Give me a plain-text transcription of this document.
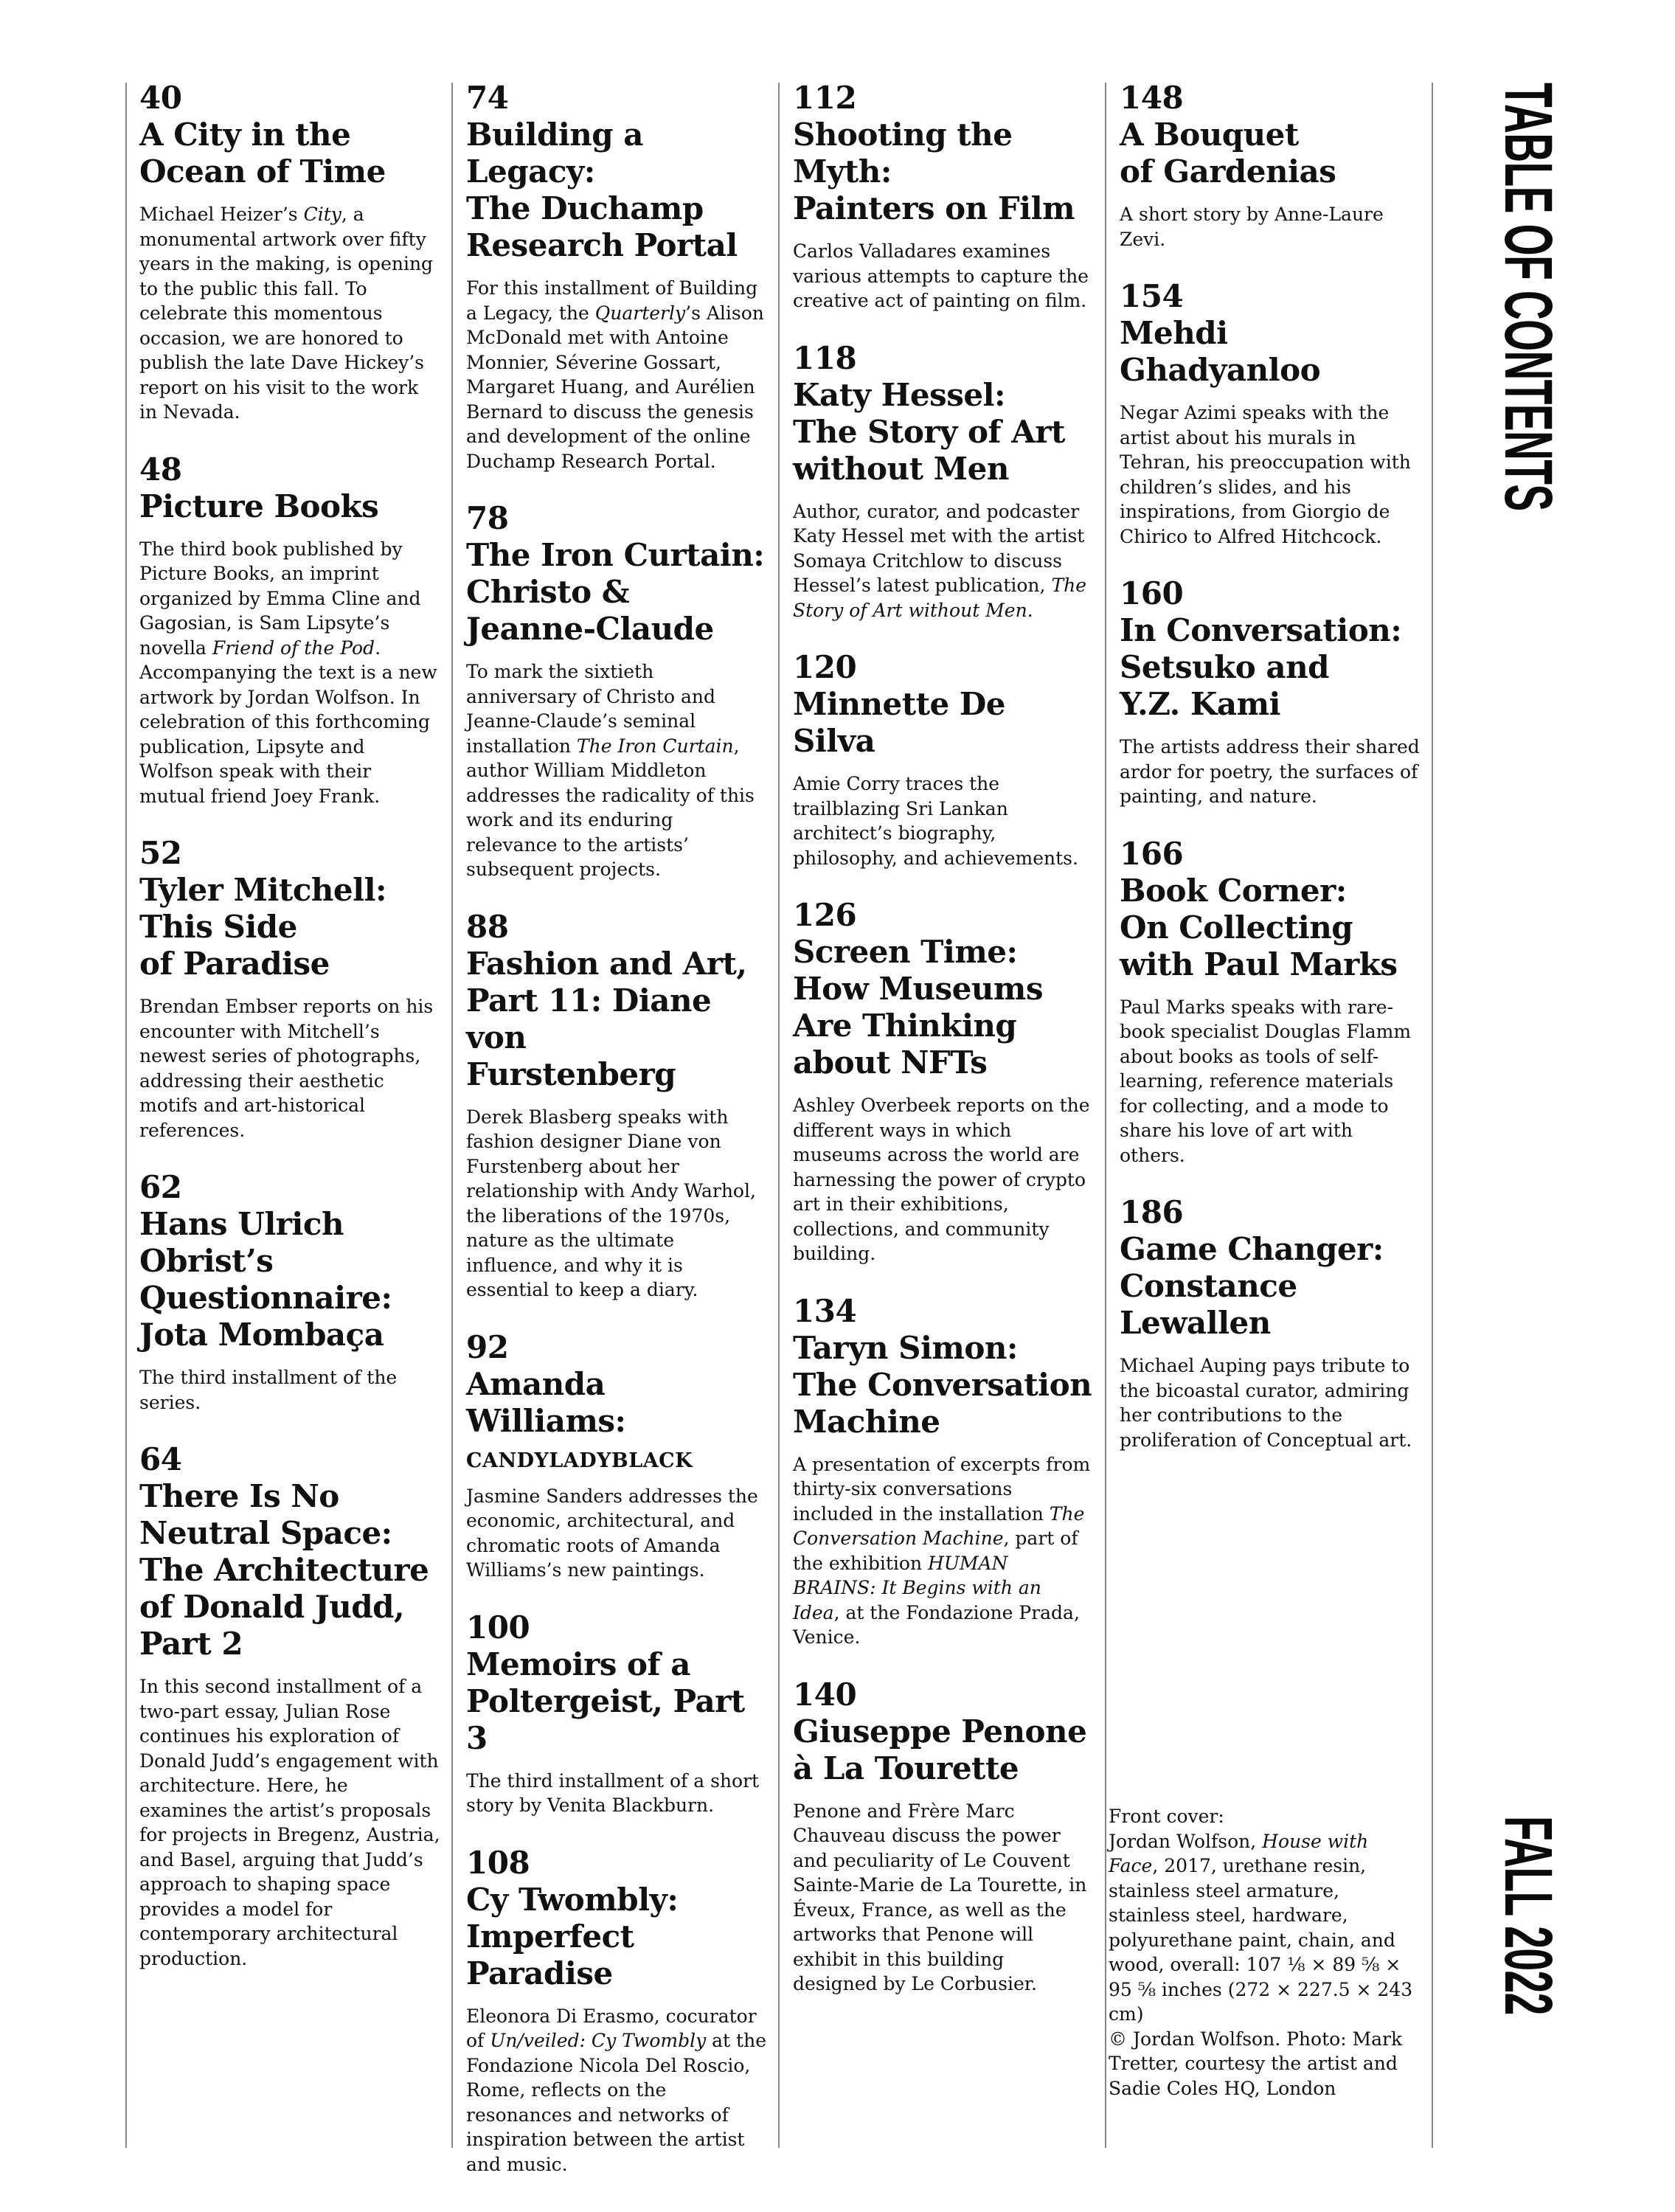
40
A City in the
Ocean of Time
Michael Heizer’s City, a monumental artwork over fifty years in the making, is opening to the public this fall. To celebrate this momentous occasion, we are honored to publish the late Dave Hickey’s report on his visit to the work in Nevada.
48
Picture Books
The third book published by Picture Books, an imprint organized by Emma Cline and Gagosian, is Sam Lipsyte’s novella Friend of the Pod. Accompanying the text is a new artwork by Jordan Wolfson. In celebration of this forthcoming publication, Lipsyte and Wolfson speak with their mutual friend Joey Frank.
52
Tyler Mitchell:
This Side
of Paradise
Brendan Embser reports on his encounter with Mitchell’s newest series of photographs, addressing their aesthetic motifs and art-historical references.
62
Hans Ulrich
Obrist’s
Questionnaire:
Jota Mombaça
The third installment of the series.
64
There Is No
Neutral Space:
The Architecture
of Donald Judd,
Part 2
In this second installment of a two-part essay, Julian Rose continues his exploration of Donald Judd’s engagement with architecture. Here, he examines the artist’s proposals for projects in Bregenz, Austria, and Basel, arguing that Judd’s approach to shaping space provides a model for contemporary architectural production.
74
Building a Legacy:
The Duchamp
Research Portal
For this installment of Building a Legacy, the Quarterly’s Alison McDonald met with Antoine Monnier, Séverine Gossart, Margaret Huang, and Aurélien Bernard to discuss the genesis and development of the online Duchamp Research Portal.
78
The Iron Curtain:
Christo &
Jeanne-Claude
To mark the sixtieth anniversary of Christo and Jeanne-Claude’s seminal installation The Iron Curtain, author William Middleton addresses the radicality of this work and its enduring relevance to the artists’ subsequent projects.
88
Fashion and Art,
Part 11: Diane von
Furstenberg
Derek Blasberg speaks with fashion designer Diane von Furstenberg about her relationship with Andy Warhol, the liberations of the 1970s, nature as the ultimate influence, and why it is essential to keep a diary.
92
Amanda Williams:
CANDYLADYBLACK
Jasmine Sanders addresses the economic, architectural, and chromatic roots of Amanda Williams’s new paintings.
100
Memoirs of a
Poltergeist, Part 3
The third installment of a short story by Venita Blackburn.
108
Cy Twombly:
Imperfect Paradise
Eleonora Di Erasmo, cocurator of Un/veiled: Cy Twombly at the Fondazione Nicola Del Roscio, Rome, reflects on the resonances and networks of inspiration between the artist and music.
112
Shooting the Myth:
Painters on Film
Carlos Valladares examines various attempts to capture the creative act of painting on film.
118
Katy Hessel:
The Story of Art
without Men
Author, curator, and podcaster Katy Hessel met with the artist Somaya Critchlow to discuss Hessel’s latest publication, The Story of Art without Men.
120
Minnette De Silva
Amie Corry traces the trailblazing Sri Lankan architect’s biography, philosophy, and achievements.
126
Screen Time:
How Museums
Are Thinking
about NFTs
Ashley Overbeek reports on the different ways in which museums across the world are harnessing the power of crypto art in their exhibitions, collections, and community building.
134
Taryn Simon:
The Conversation
Machine
A presentation of excerpts from thirty-six conversations included in the installation The Conversation Machine, part of the exhibition HUMAN BRAINS: It Begins with an Idea, at the Fondazione Prada, Venice.
140
Giuseppe Penone
à La Tourette
Penone and Frère Marc Chauveau discuss the power and peculiarity of Le Couvent Sainte-Marie de La Tourette, in Éveux, France, as well as the artworks that Penone will exhibit in this building designed by Le Corbusier.
148
A Bouquet
of Gardenias
A short story by Anne-Laure Zevi.
154
Mehdi Ghadyanloo
Negar Azimi speaks with the artist about his murals in Tehran, his preoccupation with children’s slides, and his inspirations, from Giorgio de Chirico to Alfred Hitchcock.
160
In Conversation:
Setsuko and
Y.Z. Kami
The artists address their shared ardor for poetry, the surfaces of painting, and nature.
166
Book Corner:
On Collecting
with Paul Marks
Paul Marks speaks with rare-book specialist Douglas Flamm about books as tools of self-learning, reference materials for collecting, and a mode to share his love of art with others.
186
Game Changer:
Constance Lewallen
Michael Auping pays tribute to the bicoastal curator, admiring her contributions to the proliferation of Conceptual art.
Front cover:
Jordan Wolfson, House with Face, 2017, urethane resin, stainless steel armature, stainless steel, hardware, polyurethane paint, chain, and wood, overall: 107 ⅛ × 89 ⅝ × 95 ⅝ inches (272 × 227.5 × 243 cm)
© Jordan Wolfson. Photo: Mark Tretter, courtesy the artist and Sadie Coles HQ, London
TABLE OF CONTENTS
FALL 2022
